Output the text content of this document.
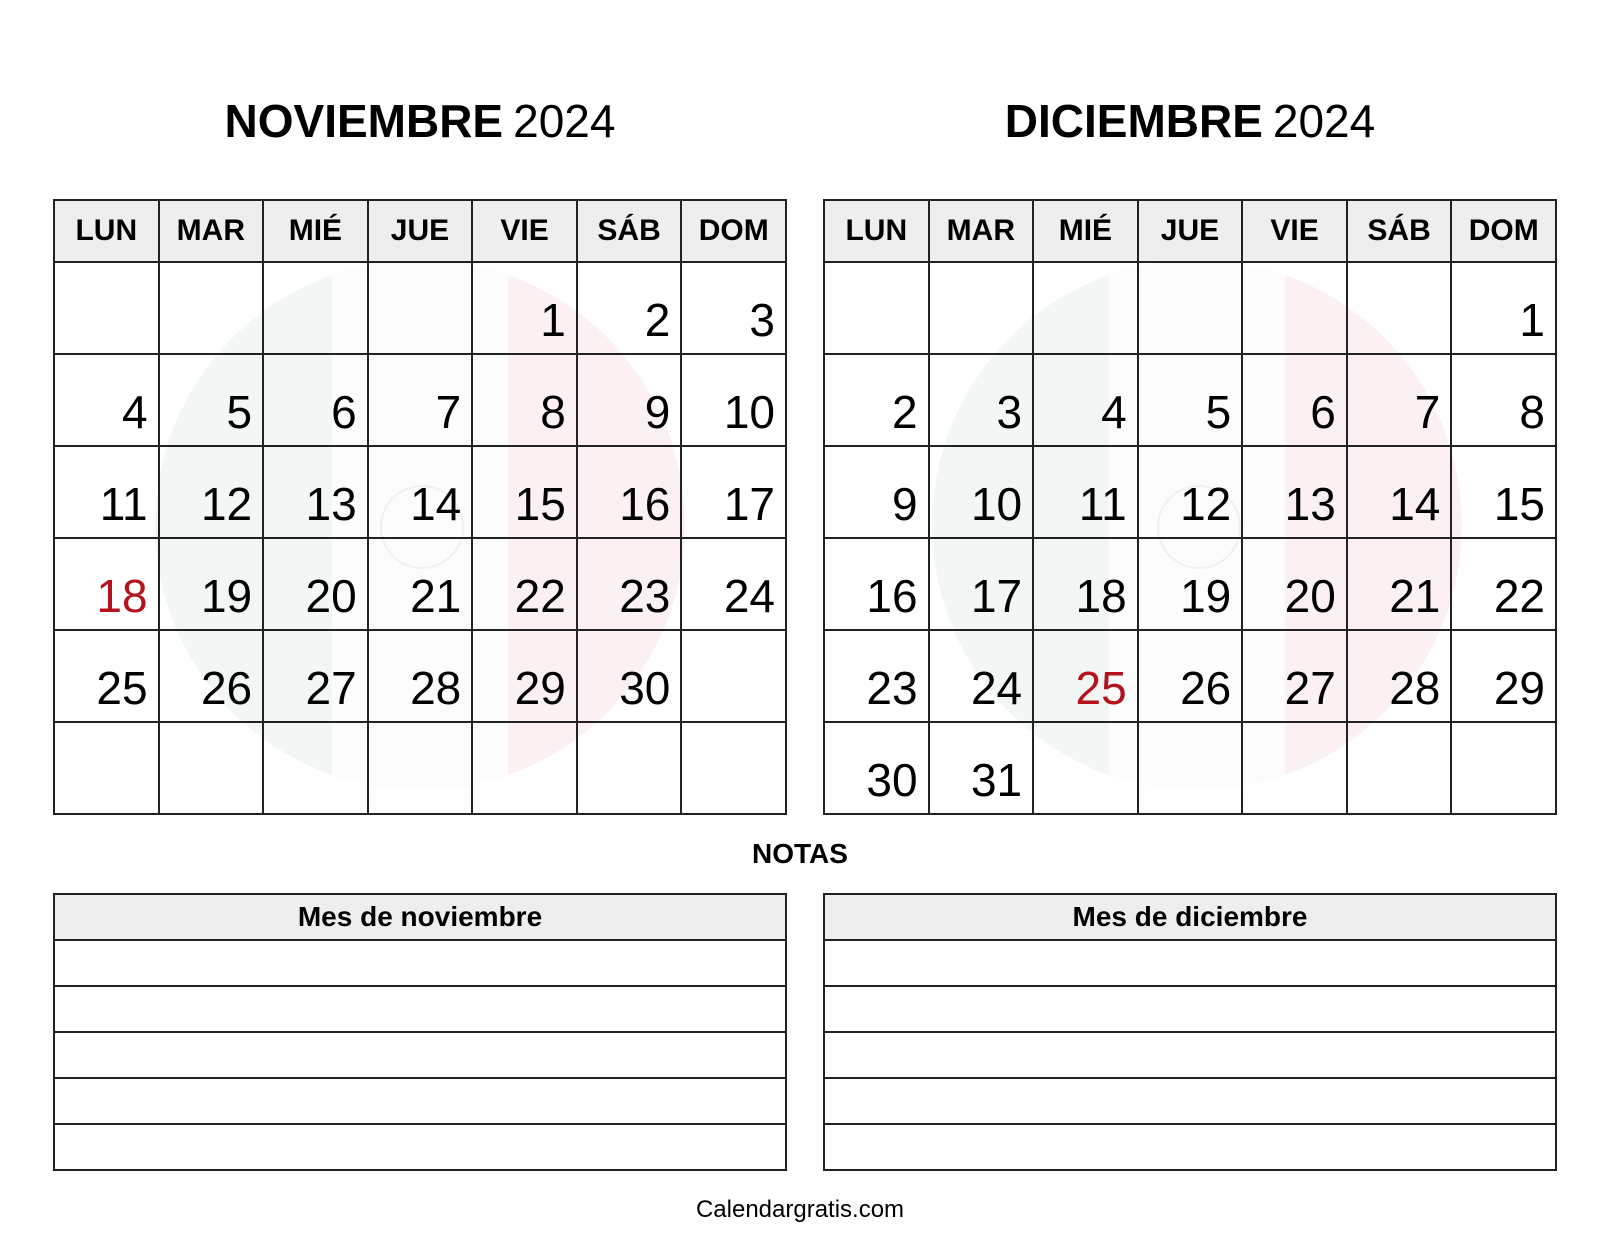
NOVIEMBRE 2024	DICIEMBRE 2024
LUN	MAR	MIÉ	JUE	VIE	SÁB	DOM
				1	2	3
4	5	6	7	8	9	10
11	12	13	14	15	16	17
18	19	20	21	22	23	24
25	26	27	28	29	30	

LUN	MAR	MIÉ	JUE	VIE	SÁB	DOM
						1
2	3	4	5	6	7	8
9	10	11	12	13	14	15
16	17	18	19	20	21	22
23	24	25	26	27	28	29
30	31					
NOTAS
Mes de noviembre	Mes de diciembre

Calendargratis.com
